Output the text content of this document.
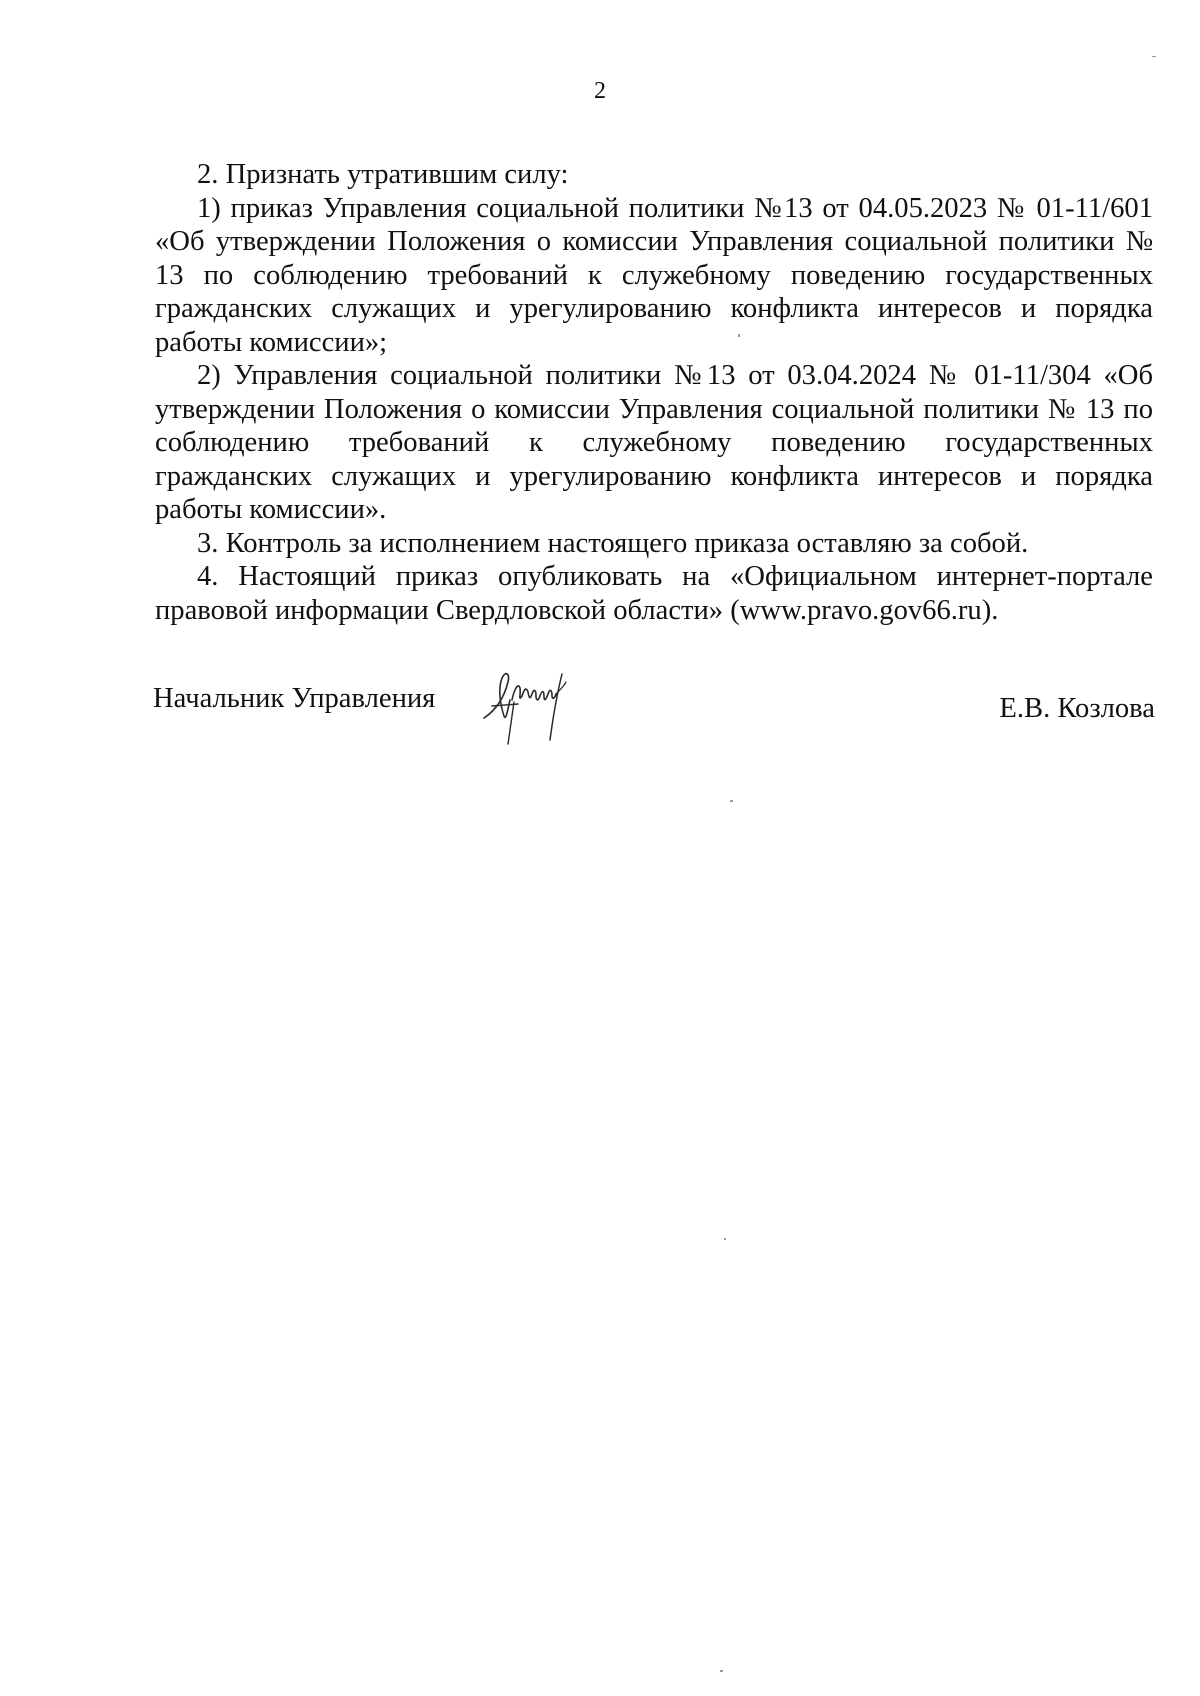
2

2. Признать утратившим силу:

1) приказ Управления социальной политики №13 от 04.05.2023 № 01-11/601 «Об утверждении Положения о комиссии Управления социальной политики № 13 по соблюдению требований к служебному поведению государственных гражданских служащих и урегулированию конфликта интересов и порядка работы комиссии»;

2) Управления социальной политики №13 от 03.04.2024 № 01-11/304 «Об утверждении Положения о комиссии Управления социальной политики № 13 по соблюдению требований к служебному поведению государственных гражданских служащих и урегулированию конфликта интересов и порядка работы комиссии».

3. Контроль за исполнением настоящего приказа оставляю за собой.

4. Настоящий приказ опубликовать на «Официальном интернет-портале правовой информации Свердловской области» (www.pravo.gov66.ru).

Начальник Управления	Е.В. Козлова
